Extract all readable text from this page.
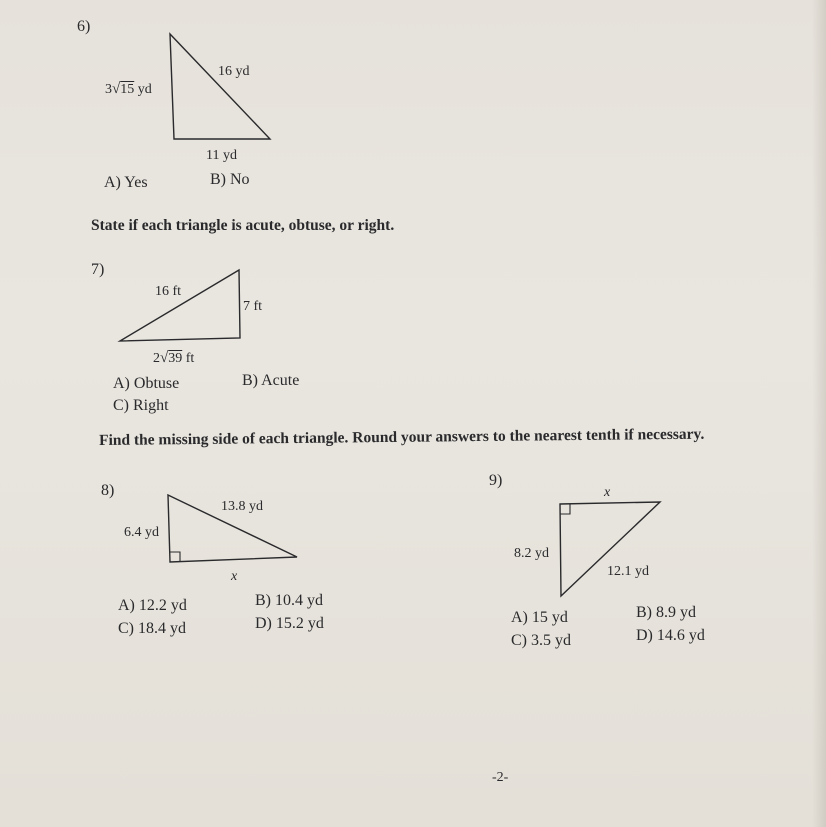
6)
3√15 yd
16 yd
11 yd
A) Yes	B) No
State if each triangle is acute, obtuse, or right.
7)
16 ft
7 ft
2√39 ft
A) Obtuse	B) Acute
C) Right
Find the missing side of each triangle. Round your answers to the nearest tenth if necessary.
8)
6.4 yd
13.8 yd
x
A) 12.2 yd	B) 10.4 yd
C) 18.4 yd	D) 15.2 yd
9)
x
8.2 yd
12.1 yd
A) 15 yd	B) 8.9 yd
C) 3.5 yd	D) 14.6 yd
-2-
